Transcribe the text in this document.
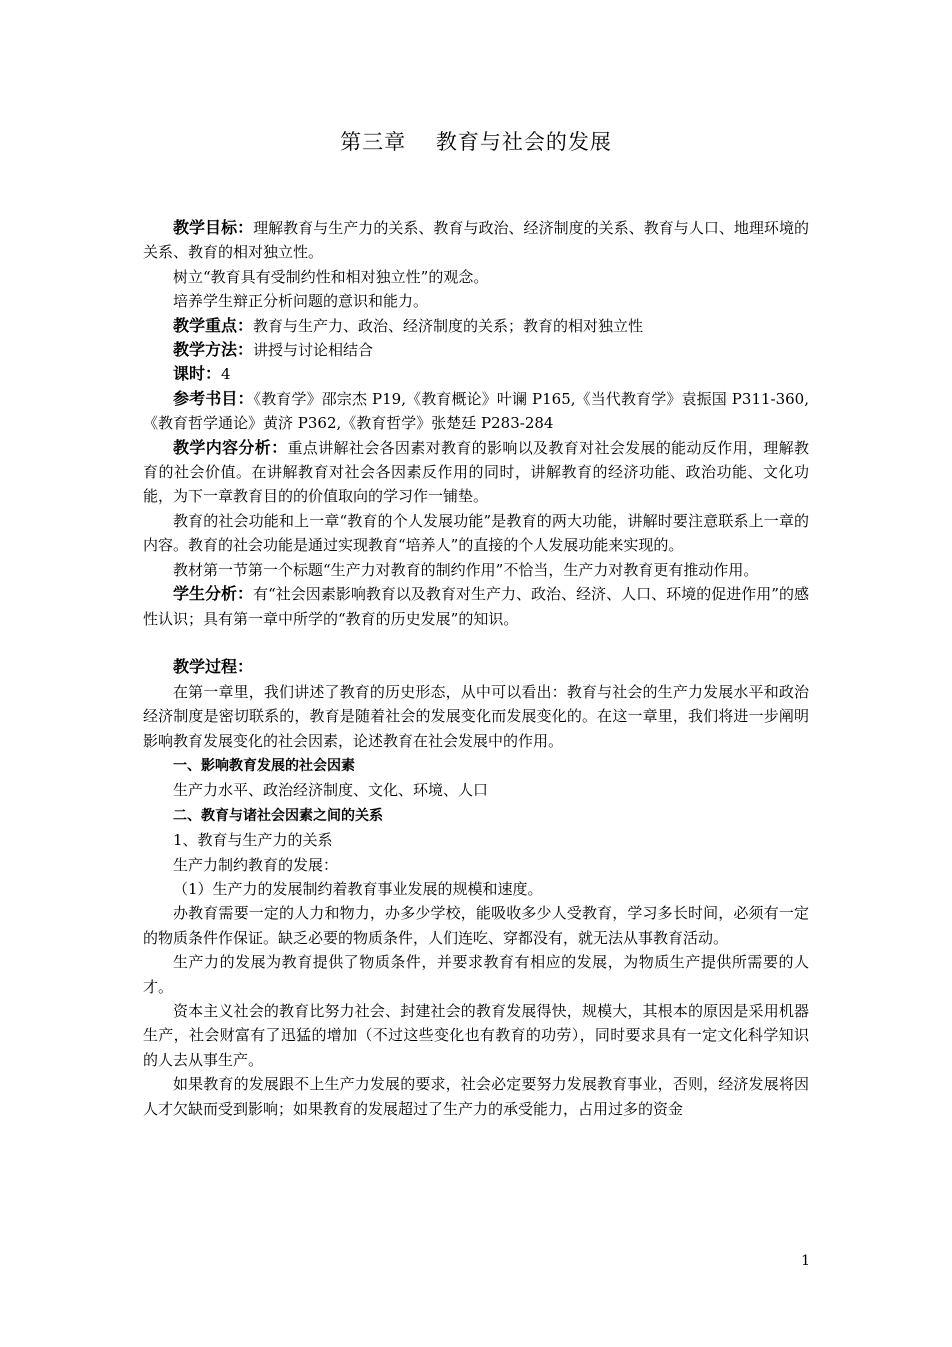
第三章　 教育与社会的发展

教学目标：理解教育与生产力的关系、教育与政治、经济制度的关系、教育与人口、地理环境的关系、教育的相对独立性。

树立“教育具有受制约性和相对独立性”的观念。

培养学生辩正分析问题的意识和能力。

教学重点：教育与生产力、政治、经济制度的关系；教育的相对独立性

教学方法：讲授与讨论相结合

课时：4

参考书目：《教育学》邵宗杰 P19,《教育概论》叶谰 P165,《当代教育学》袁振国 P311-360,《教育哲学通论》黄济 P362,《教育哲学》张楚廷 P283-284

教学内容分析：重点讲解社会各因素对教育的影响以及教育对社会发展的能动反作用，理解教育的社会价值。在讲解教育对社会各因素反作用的同时，讲解教育的经济功能、政治功能、文化功能，为下一章教育目的的价值取向的学习作一铺垫。

教育的社会功能和上一章“教育的个人发展功能”是教育的两大功能，讲解时要注意联系上一章的内容。教育的社会功能是通过实现教育“培养人”的直接的个人发展功能来实现的。

教材第一节第一个标题“生产力对教育的制约作用”不恰当，生产力对教育更有推动作用。

学生分析：有“社会因素影响教育以及教育对生产力、政治、经济、人口、环境的促进作用”的感性认识；具有第一章中所学的“教育的历史发展”的知识。

教学过程：

在第一章里，我们讲述了教育的历史形态，从中可以看出：教育与社会的生产力发展水平和政治经济制度是密切联系的，教育是随着社会的发展变化而发展变化的。在这一章里，我们将进一步阐明影响教育发展变化的社会因素，论述教育在社会发展中的作用。

一、影响教育发展的社会因素

生产力水平、政治经济制度、文化、环境、人口

二、教育与诸社会因素之间的关系

1、教育与生产力的关系

生产力制约教育的发展：

（1）生产力的发展制约着教育事业发展的规模和速度。

办教育需要一定的人力和物力，办多少学校，能吸收多少人受教育，学习多长时间，必须有一定的物质条件作保证。缺乏必要的物质条件，人们连吃、穿都没有，就无法从事教育活动。

生产力的发展为教育提供了物质条件，并要求教育有相应的发展，为物质生产提供所需要的人才。

资本主义社会的教育比努力社会、封建社会的教育发展得快，规模大，其根本的原因是采用机器生产，社会财富有了迅猛的增加（不过这些变化也有教育的功劳），同时要求具有一定文化科学知识的人去从事生产。

如果教育的发展跟不上生产力发展的要求，社会必定要努力发展教育事业，否则，经济发展将因人才欠缺而受到影响；如果教育的发展超过了生产力的承受能力，占用过多的资金

1
